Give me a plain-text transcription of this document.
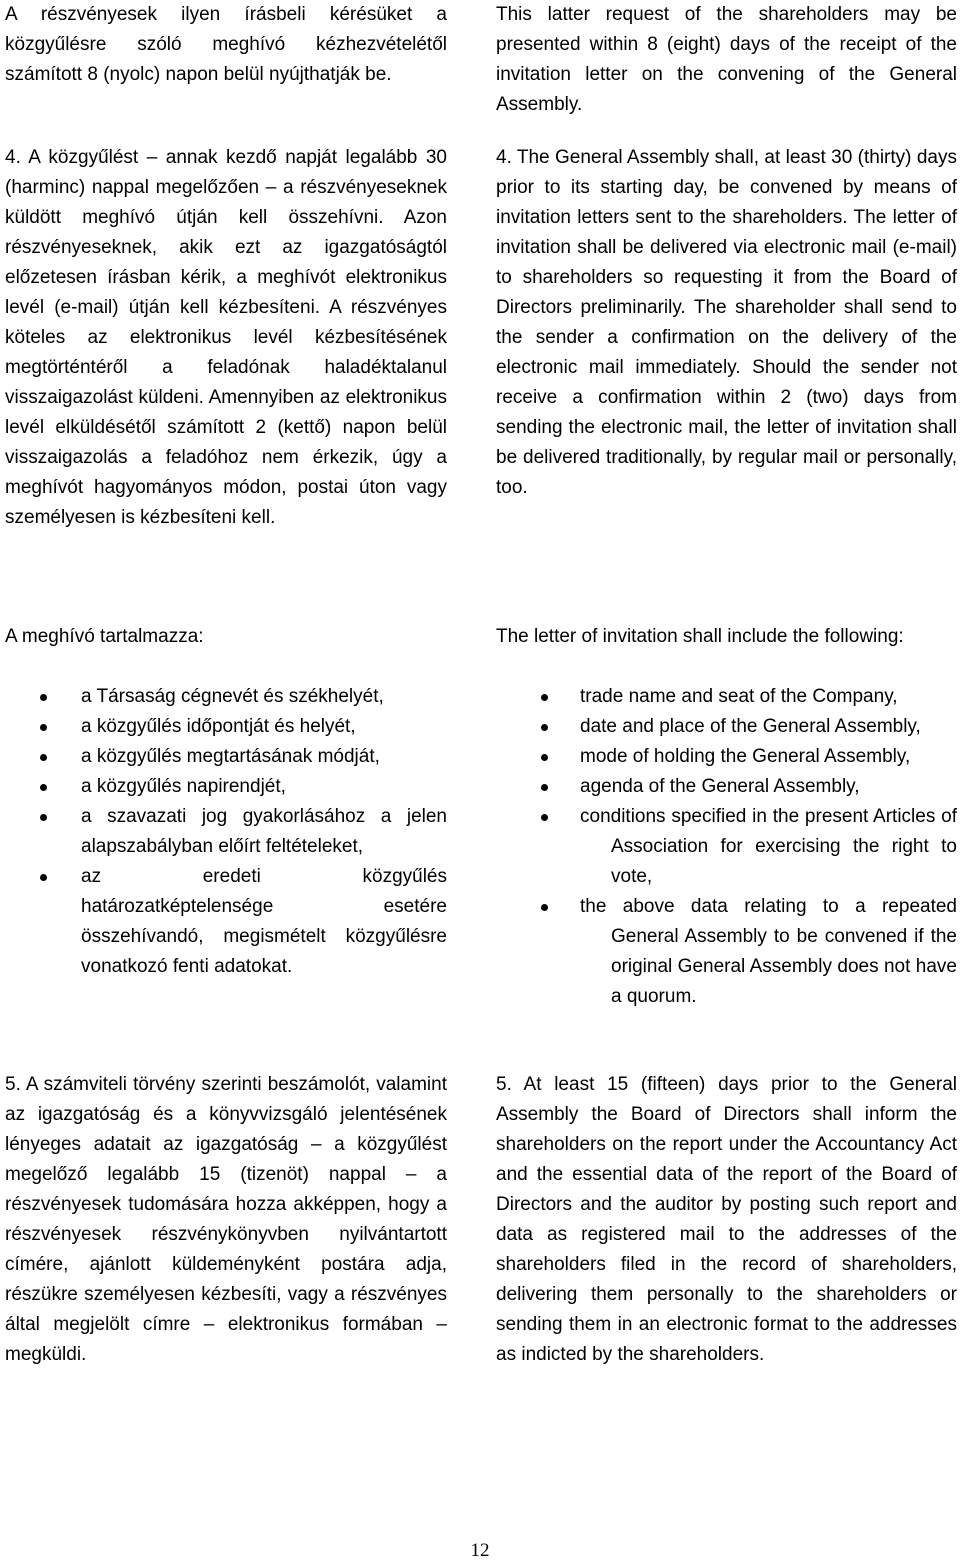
A részvényesek ilyen írásbeli kérésüket a közgyűlésre szóló meghívó kézhezvételétől számított 8 (nyolc) napon belül nyújthatják be.

4. A közgyűlést – annak kezdő napját legalább 30 (harminc) nappal megelőzően – a részvényeseknek küldött meghívó útján kell összehívni. Azon részvényeseknek, akik ezt az igazgatóságtól előzetesen írásban kérik, a meghívót elektronikus levél (e-mail) útján kell kézbesíteni. A részvényes köteles az elektronikus levél kézbesítésének megtörténtéről a feladónak haladéktalanul visszaigazolást küldeni. Amennyiben az elektronikus levél elküldésétől számított 2 (kettő) napon belül visszaigazolás a feladóhoz nem érkezik, úgy a meghívót hagyományos módon, postai úton vagy személyesen is kézbesíteni kell.

A meghívó tartalmazza:

a Társaság cégnevét és székhelyét,
a közgyűlés időpontját és helyét,
a közgyűlés megtartásának módját,
a közgyűlés napirendjét,
a szavazati jog gyakorlásához a jelen alapszabályban előírt feltételeket,
az eredeti közgyűlés határozatképtelensége esetére összehívandó, megismételt közgyűlésre vonatkozó fenti adatokat.

5. A számviteli törvény szerinti beszámolót, valamint az igazgatóság és a könyvvizsgáló jelentésének lényeges adatait az igazgatóság – a közgyűlést megelőző legalább 15 (tizenöt) nappal – a részvényesek tudomására hozza akképpen, hogy a részvényesek részvénykönyvben nyilvántartott címére, ajánlott küldeményként postára adja, részükre személyesen kézbesíti, vagy a részvényes által megjelölt címre – elektronikus formában – megküldi.

This latter request of the shareholders may be presented within 8 (eight) days of the receipt of the invitation letter on the convening of the General Assembly.

4. The General Assembly shall, at least 30 (thirty) days prior to its starting day, be convened by means of invitation letters sent to the shareholders. The letter of invitation shall be delivered via electronic mail (e-mail) to shareholders so requesting it from the Board of Directors preliminarily. The shareholder shall send to the sender a confirmation on the delivery of the electronic mail immediately. Should the sender not receive a confirmation within 2 (two) days from sending the electronic mail, the letter of invitation shall be delivered traditionally, by regular mail or personally, too.

The letter of invitation shall include the following:

trade name and seat of the Company,
date and place of the General Assembly,
mode of holding the General Assembly,
agenda of the General Assembly,
conditions specified in the present Articles of Association for exercising the right to vote,
the above data relating to a repeated General Assembly to be convened if the original General Assembly does not have a quorum.

5. At least 15 (fifteen) days prior to the General Assembly the Board of Directors shall inform the shareholders on the report under the Accountancy Act and the essential data of the report of the Board of Directors and the auditor by posting such report and data as registered mail to the addresses of the shareholders filed in the record of shareholders, delivering them personally to the shareholders or sending them in an electronic format to the addresses as indicted by the shareholders.

12
